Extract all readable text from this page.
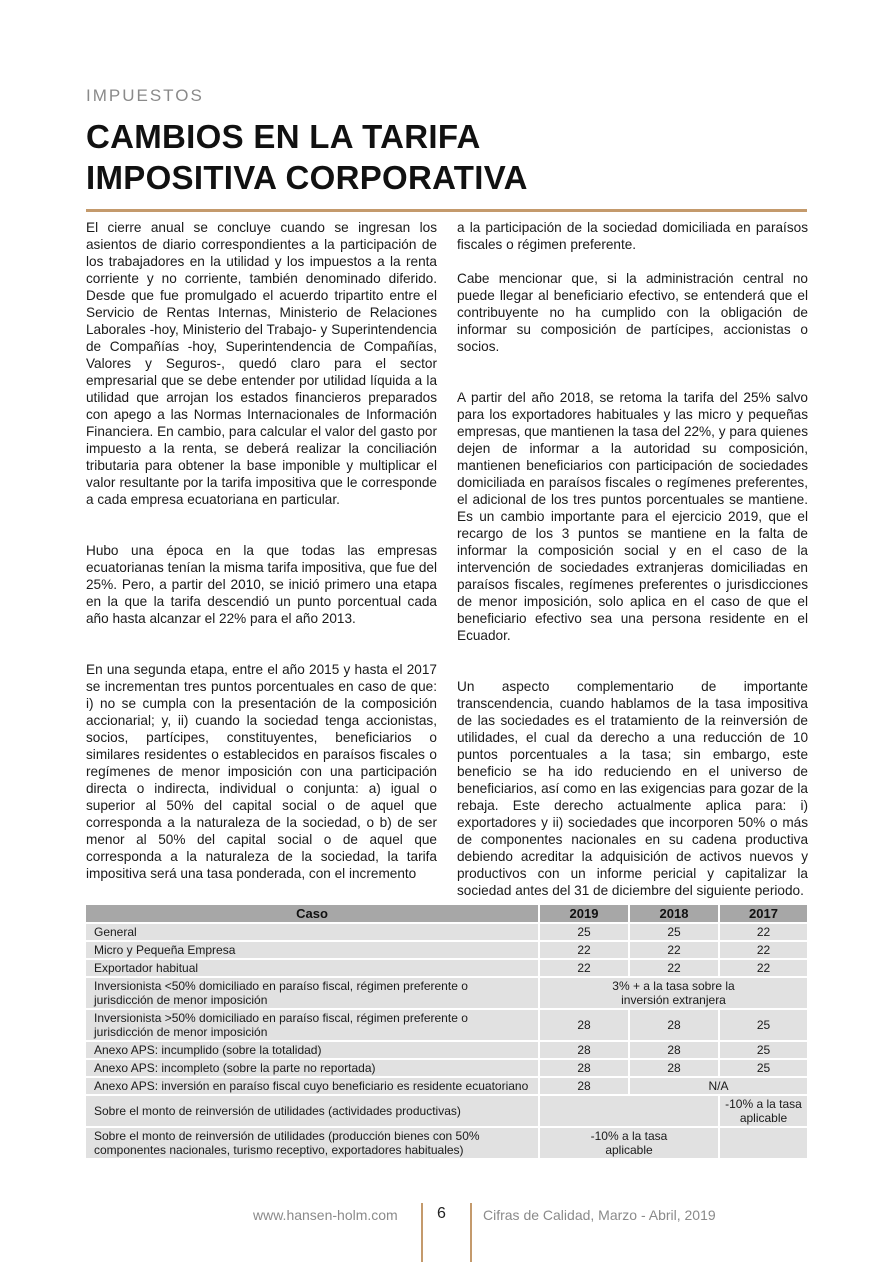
IMPUESTOS
CAMBIOS EN LA TARIFA
IMPOSITIVA CORPORATIVA

El cierre anual se concluye cuando se ingresan los asientos de diario correspondientes a la participación de los trabajadores en la utilidad y los impuestos a la renta corriente y no corriente, también denominado diferido. Desde que fue promulgado el acuerdo tripartito entre el Servicio de Rentas Internas, Ministerio de Relaciones Laborales -hoy, Ministerio del Trabajo- y Superintendencia de Compañías -hoy, Superintendencia de Compañías, Valores y Seguros-, quedó claro para el sector empresarial que se debe entender por utilidad líquida a la utilidad que arrojan los estados financieros preparados con apego a las Normas Internacionales de Información Financiera. En cambio, para calcular el valor del gasto por impuesto a la renta, se deberá realizar la conciliación tributaria para obtener la base imponible y multiplicar el valor resultante por la tarifa impositiva que le corresponde a cada empresa ecuatoriana en particular.

Hubo una época en la que todas las empresas ecuatorianas tenían la misma tarifa impositiva, que fue del 25%. Pero, a partir del 2010, se inició primero una etapa en la que la tarifa descendió un punto porcentual cada año hasta alcanzar el 22% para el año 2013.

En una segunda etapa, entre el año 2015 y hasta el 2017 se incrementan tres puntos porcentuales en caso de que: i) no se cumpla con la presentación de la composición accionarial; y, ii) cuando la sociedad tenga accionistas, socios, partícipes, constituyentes, beneficiarios o similares residentes o establecidos en paraísos fiscales o regímenes de menor imposición con una participación directa o indirecta, individual o conjunta: a) igual o superior al 50% del capital social o de aquel que corresponda a la naturaleza de la sociedad, o b) de ser menor al 50% del capital social o de aquel que corresponda a la naturaleza de la sociedad, la tarifa impositiva será una tasa ponderada, con el incremento

a la participación de la sociedad domiciliada en paraísos fiscales o régimen preferente.

Cabe mencionar que, si la administración central no puede llegar al beneficiario efectivo, se entenderá que el contribuyente no ha cumplido con la obligación de informar su composición de partícipes, accionistas o socios.

A partir del año 2018, se retoma la tarifa del 25% salvo para los exportadores habituales y las micro y pequeñas empresas, que mantienen la tasa del 22%, y para quienes dejen de informar a la autoridad su composición, mantienen beneficiarios con participación de sociedades domiciliada en paraísos fiscales o regímenes preferentes, el adicional de los tres puntos porcentuales se mantiene. Es un cambio importante para el ejercicio 2019, que el recargo de los 3 puntos se mantiene en la falta de informar la composición social y en el caso de la intervención de sociedades extranjeras domiciliadas en paraísos fiscales, regímenes preferentes o jurisdicciones de menor imposición, solo aplica en el caso de que el beneficiario efectivo sea una persona residente en el Ecuador.

Un aspecto complementario de importante transcendencia, cuando hablamos de la tasa impositiva de las sociedades es el tratamiento de la reinversión de utilidades, el cual da derecho a una reducción de 10 puntos porcentuales a la tasa; sin embargo, este beneficio se ha ido reduciendo en el universo de beneficiarios, así como en las exigencias para gozar de la rebaja. Este derecho actualmente aplica para: i) exportadores y ii) sociedades que incorporen 50% o más de componentes nacionales en su cadena productiva debiendo acreditar la adquisición de activos nuevos y productivos con un informe pericial y capitalizar la sociedad antes del 31 de diciembre del siguiente periodo.

Caso	2019	2018	2017
General	25	25	22
Micro y Pequeña Empresa	22	22	22
Exportador habitual	22	22	22
Inversionista <50% domiciliado en paraíso fiscal, régimen preferente o jurisdicción de menor imposición	3% + a la tasa sobre la inversión extranjera		

Inversionista >50% domiciliado en paraíso fiscal, régimen preferente o jurisdicción de menor imposición	28	28	25
Anexo APS: incumplido (sobre la totalidad)	28	28	25
Anexo APS: incompleto (sobre la parte no reportada)	28	28	25
Anexo APS: inversión en paraíso fiscal cuyo beneficiario es residente ecuatoriano	28	N/A	
Sobre el monto de reinversión de utilidades (actividades productivas)			-10% a la tasa aplicable
Sobre el monto de reinversión de utilidades (producción bienes con 50% componentes nacionales, turismo receptivo, exportadores habituales)	-10% a la tasa aplicable		

www.hansen-holm.com 6	Cifras de Calidad, Marzo - Abril, 2019
